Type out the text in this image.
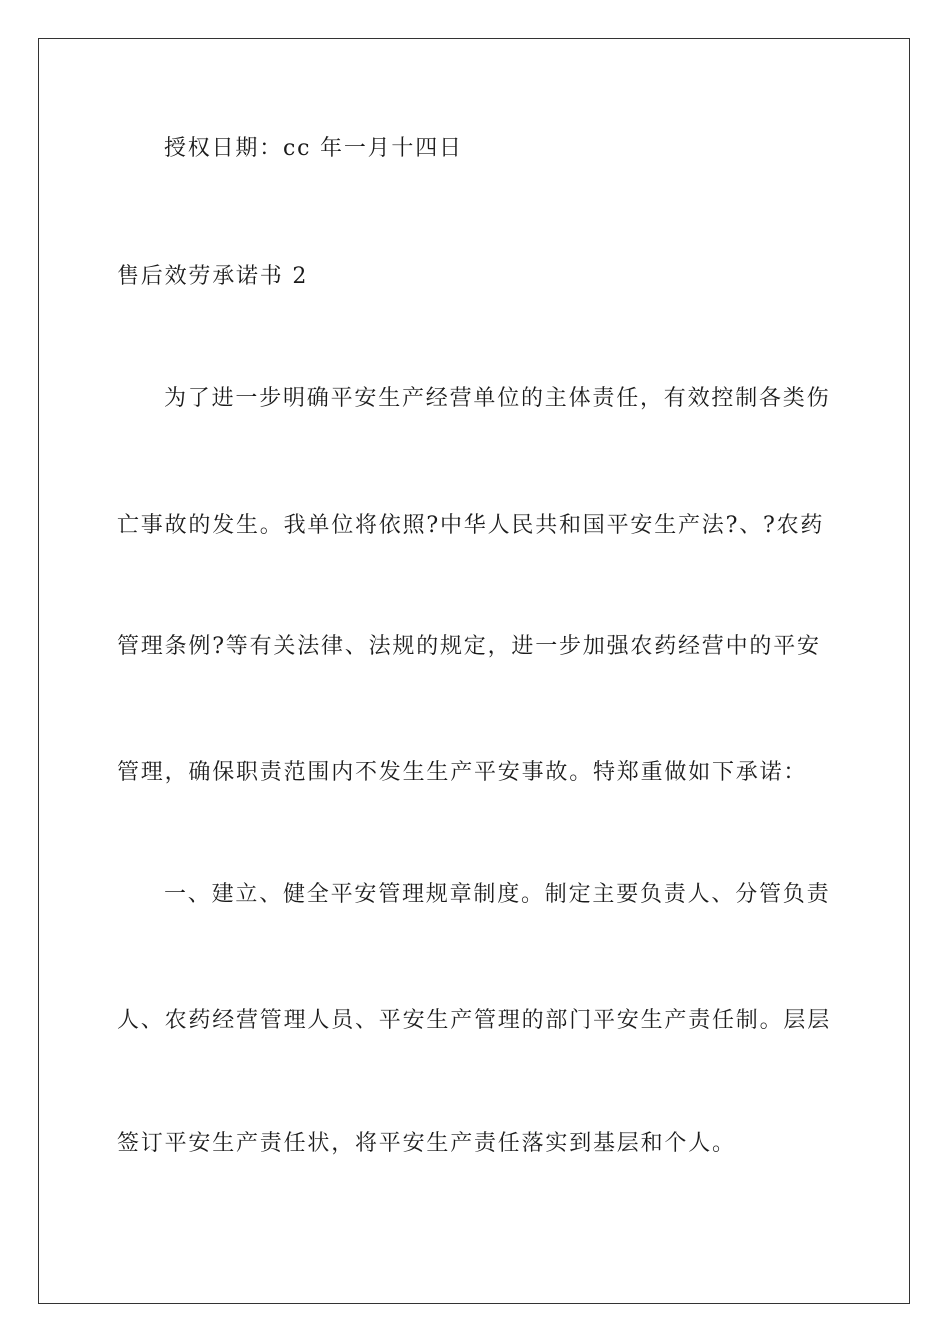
授权日期：cc 年一月十四日
售后效劳承诺书 2
为了进一步明确平安生产经营单位的主体责任，有效控制各类伤
亡事故的发生。我单位将依照?中华人民共和国平安生产法?、?农药
管理条例?等有关法律、法规的规定，进一步加强农药经营中的平安
管理，确保职责范围内不发生生产平安事故。特郑重做如下承诺：
一、建立、健全平安管理规章制度。制定主要负责人、分管负责
人、农药经营管理人员、平安生产管理的部门平安生产责任制。层层
签订平安生产责任状，将平安生产责任落实到基层和个人。
